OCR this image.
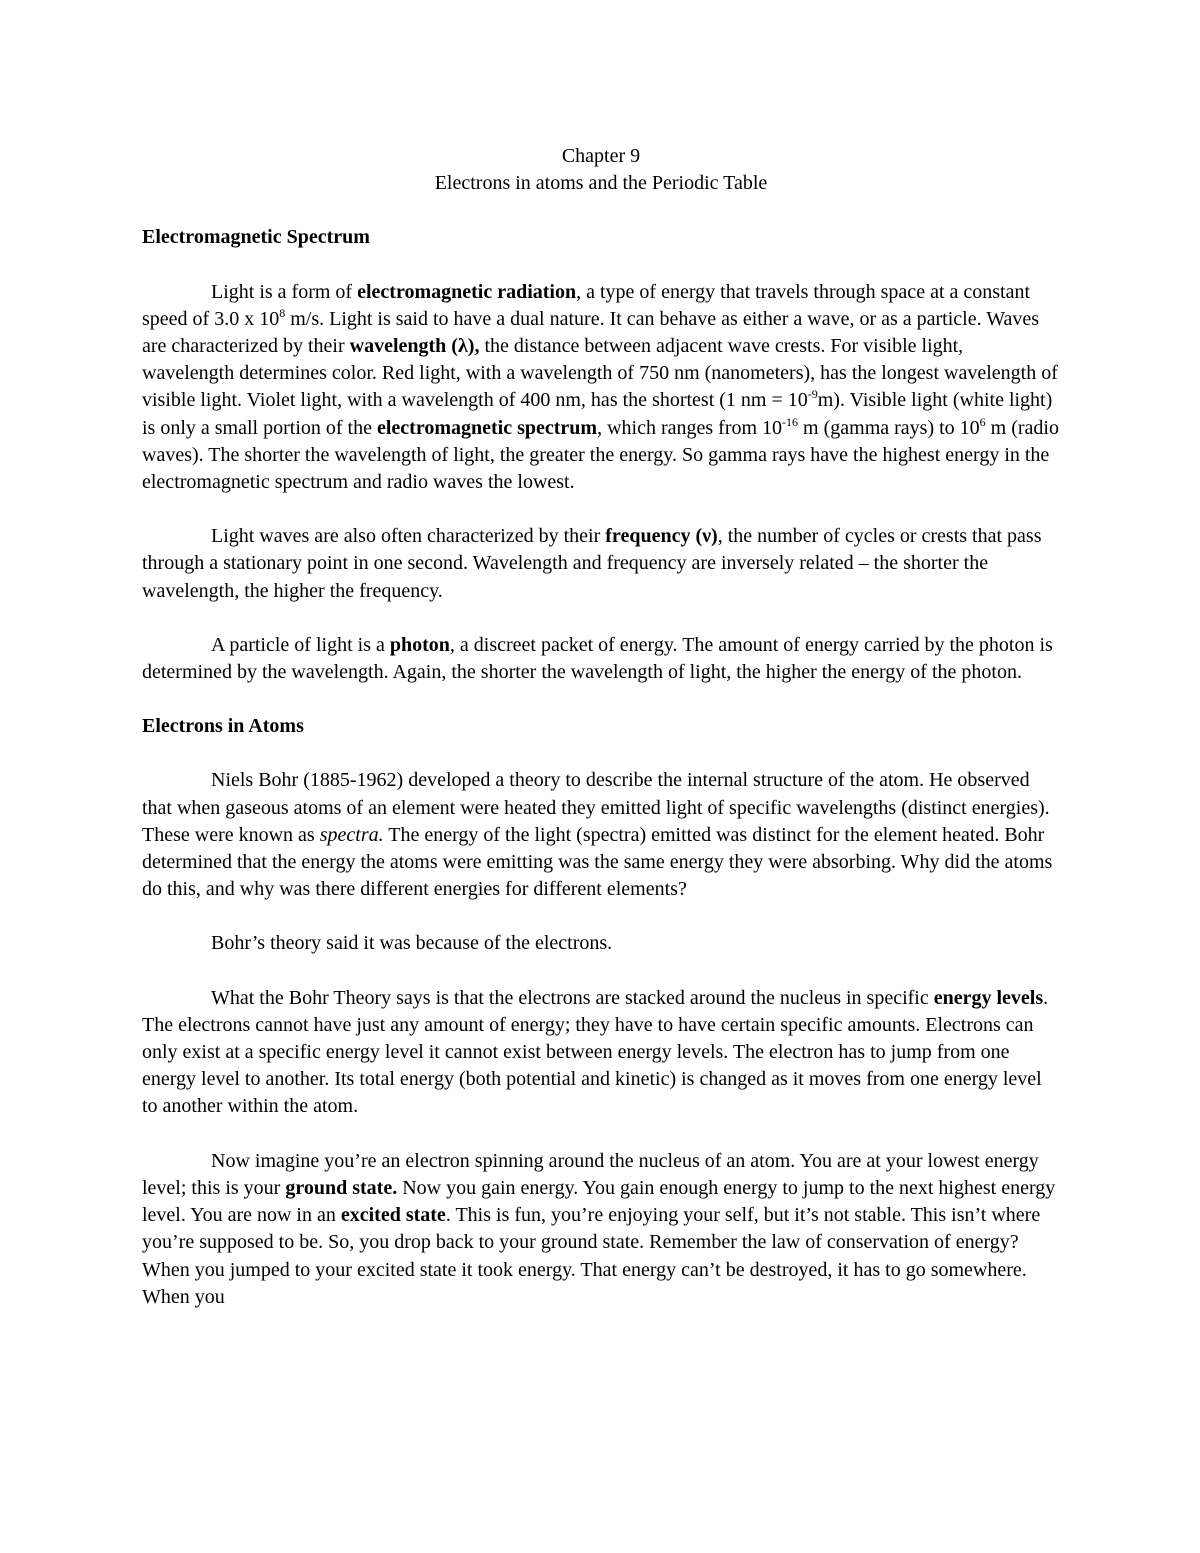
Chapter 9

Electrons in atoms and the Periodic Table

Electromagnetic Spectrum

Light is a form of electromagnetic radiation, a type of energy that travels through space at a constant speed of 3.0 x $10^8$ m/s. Light is said to have a dual nature. It can behave as either a wave, or as a particle. Waves are characterized by their wavelength (λ), the distance between adjacent wave crests. For visible light, wavelength determines color. Red light, with a wavelength of 750 nm (nanometers), has the longest wavelength of visible light. Violet light, with a wavelength of 400 nm, has the shortest (1 nm = $10^{-9}m$). Visible light (white light) is only a small portion of the electromagnetic spectrum, which ranges from $10^{-16}$ m (gamma rays) to $10^6$ m (radio waves). The shorter the wavelength of light, the greater the energy. So gamma rays have the highest energy in the electromagnetic spectrum and radio waves the lowest.

Light waves are also often characterized by their frequency (ν), the number of cycles or crests that pass through a stationary point in one second. Wavelength and frequency are inversely related – the shorter the wavelength, the higher the frequency.

A particle of light is a photon, a discreet packet of energy. The amount of energy carried by the photon is determined by the wavelength. Again, the shorter the wavelength of light, the higher the energy of the photon.

Electrons in Atoms

Niels Bohr (1885-1962) developed a theory to describe the internal structure of the atom. He observed that when gaseous atoms of an element were heated they emitted light of specific wavelengths (distinct energies). These were known as spectra. The energy of the light (spectra) emitted was distinct for the element heated. Bohr determined that the energy the atoms were emitting was the same energy they were absorbing. Why did the atoms do this, and why was there different energies for different elements?

Bohr’s theory said it was because of the electrons.

What the Bohr Theory says is that the electrons are stacked around the nucleus in specific energy levels. The electrons cannot have just any amount of energy; they have to have certain specific amounts. Electrons can only exist at a specific energy level it cannot exist between energy levels. The electron has to jump from one energy level to another. Its total energy (both potential and kinetic) is changed as it moves from one energy level to another within the atom.

Now imagine you’re an electron spinning around the nucleus of an atom. You are at your lowest energy level; this is your ground state. Now you gain energy. You gain enough energy to jump to the next highest energy level. You are now in an excited state. This is fun, you’re enjoying your self, but it’s not stable. This isn’t where you’re supposed to be. So, you drop back to your ground state. Remember the law of conservation of energy? When you jumped to your excited state it took energy. That energy can’t be destroyed, it has to go somewhere. When you
